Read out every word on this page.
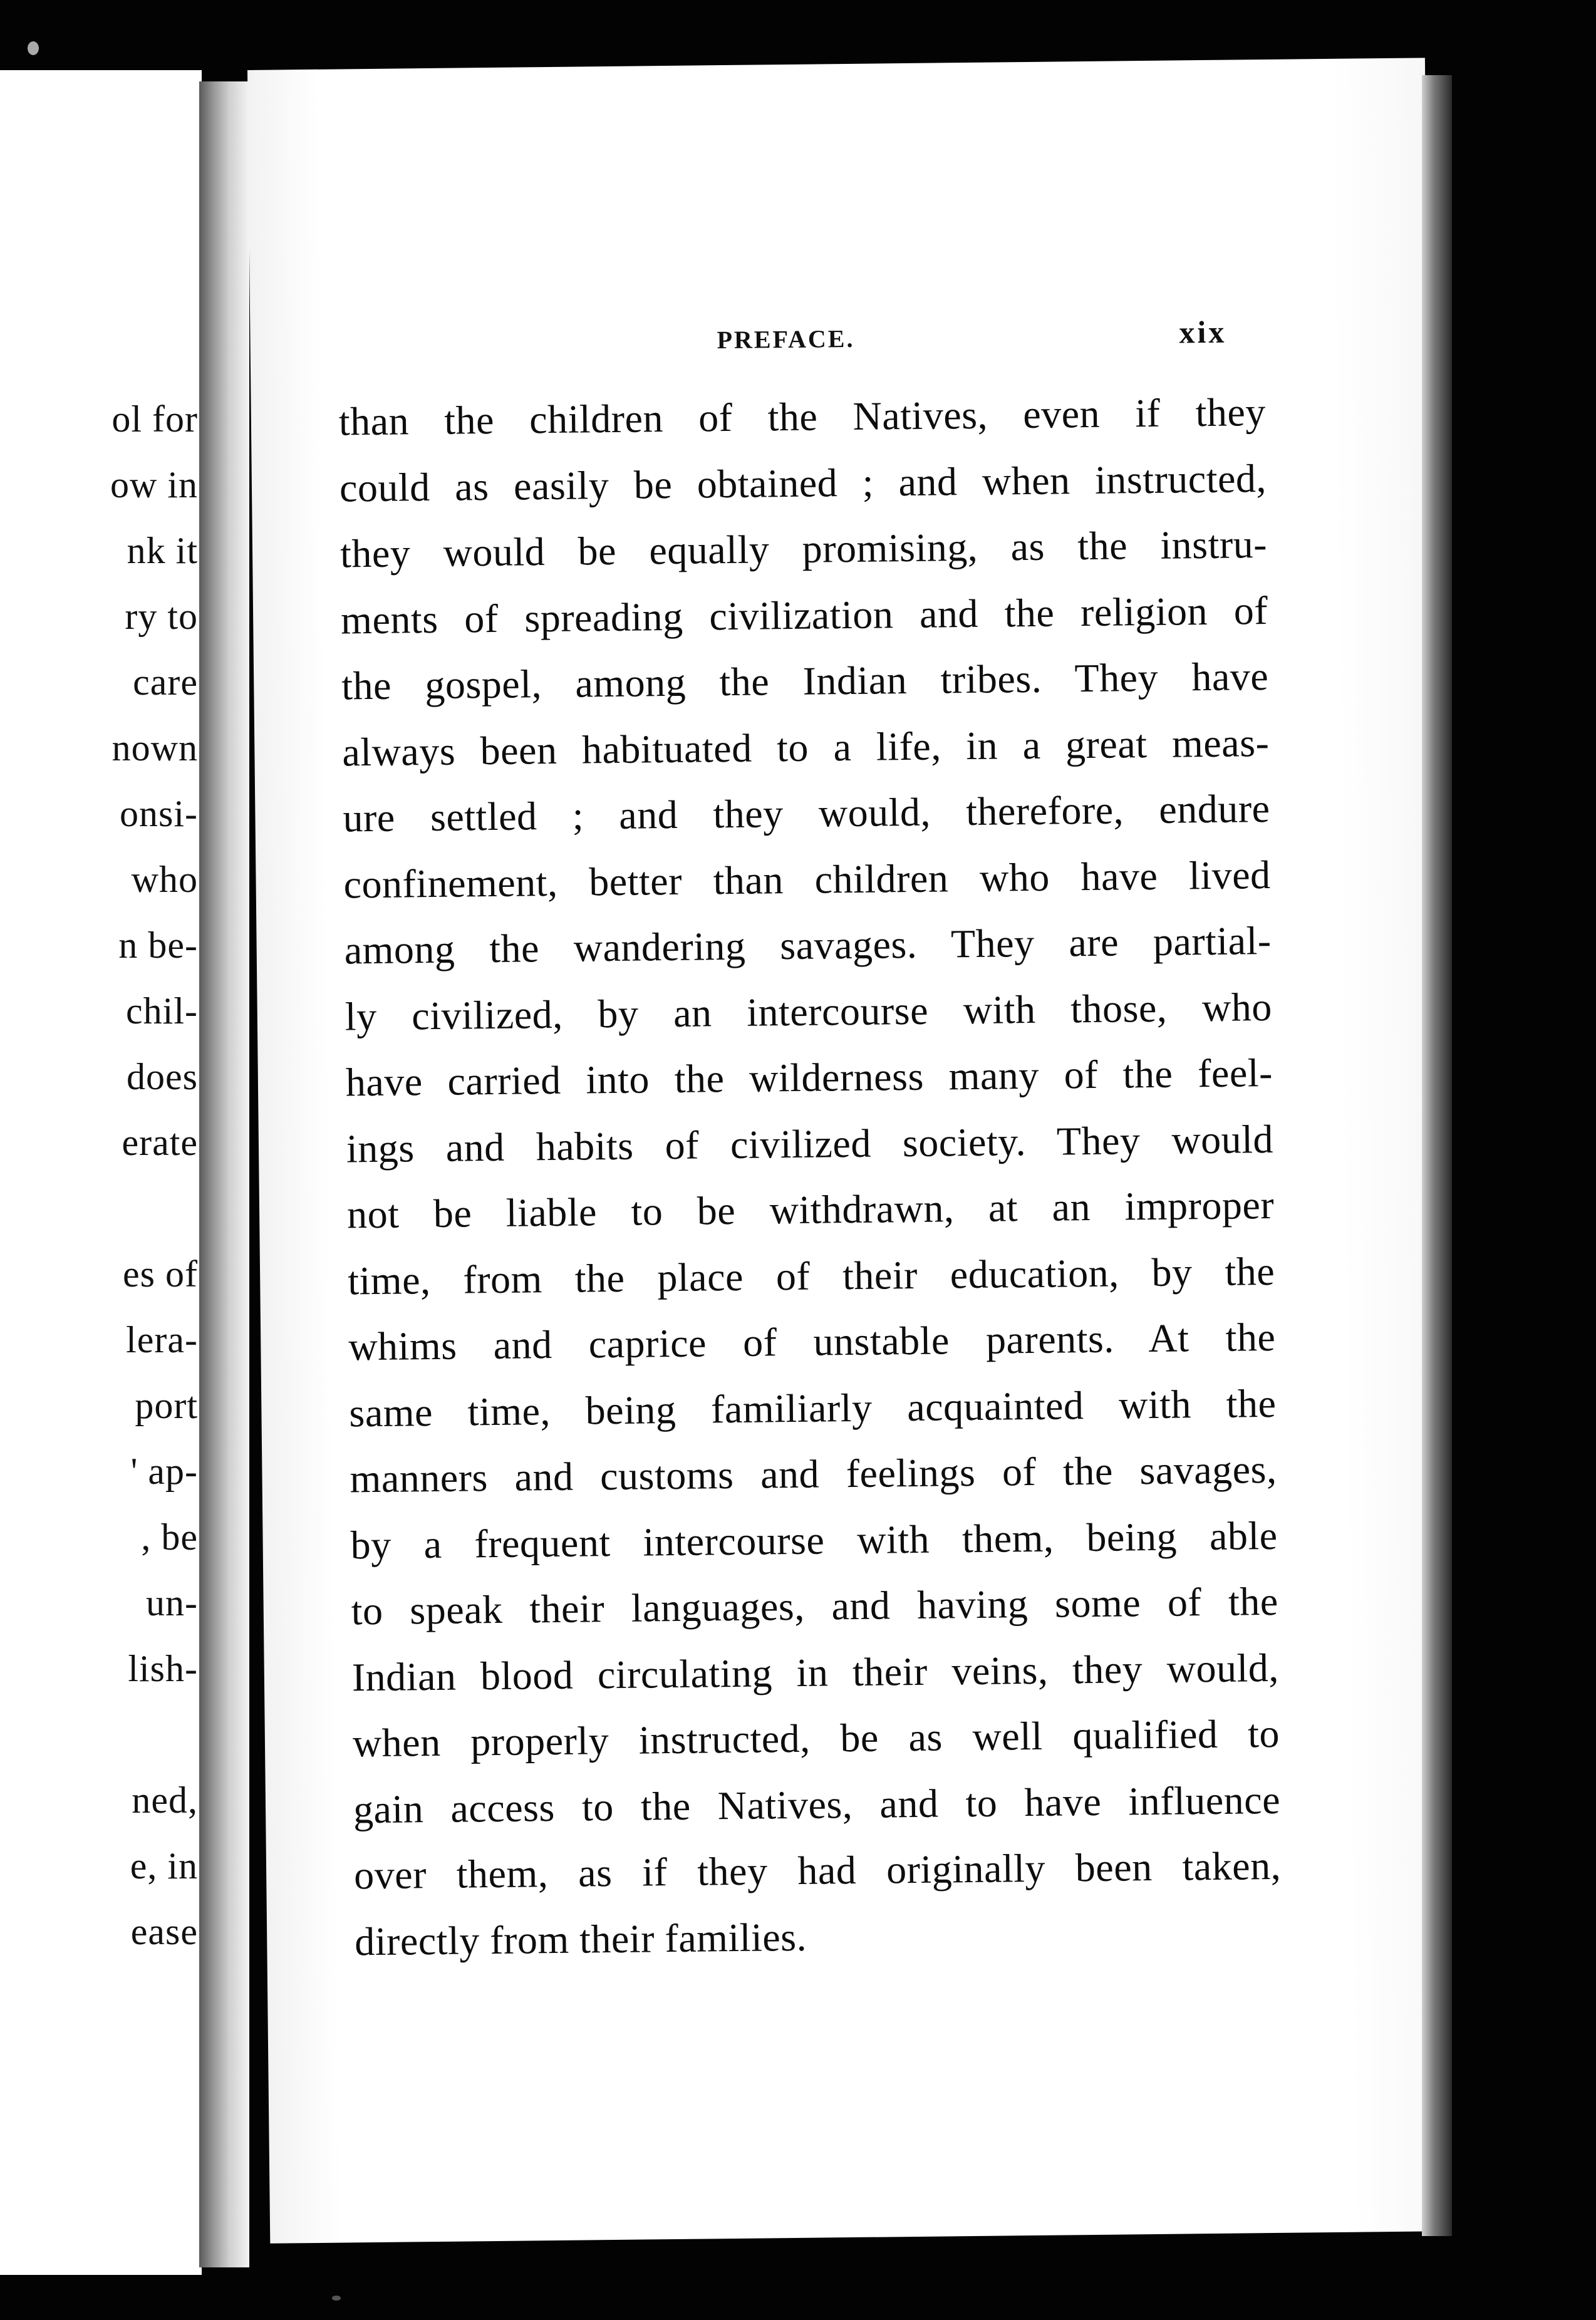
ol for
ow in
nk it
ry to
care
nown
onsi-
who
n be-
chil-
does
erate
es of
lera-
port
' ap-
, be
un-
lish-
ned,
e, in
ease
PREFACE.	xix
than the children of the Natives, even if they
could as easily be obtained ; and when instructed,
they would be equally promising, as the instru-
ments of spreading civilization and the religion of
the gospel, among the Indian tribes. They have
always been habituated to a life, in a great meas-
ure settled ; and they would, therefore, endure
confinement, better than children who have lived
among the wandering savages. They are partial-
ly civilized, by an intercourse with those, who
have carried into the wilderness many of the feel-
ings and habits of civilized society. They would
not be liable to be withdrawn, at an improper
time, from the place of their education, by the
whims and caprice of unstable parents. At the
same time, being familiarly acquainted with the
manners and customs and feelings of the savages,
by a frequent intercourse with them, being able
to speak their languages, and having some of the
Indian blood circulating in their veins, they would,
when properly instructed, be as well qualified to
gain access to the Natives, and to have influence
over them, as if they had originally been taken,
directly from their families.
